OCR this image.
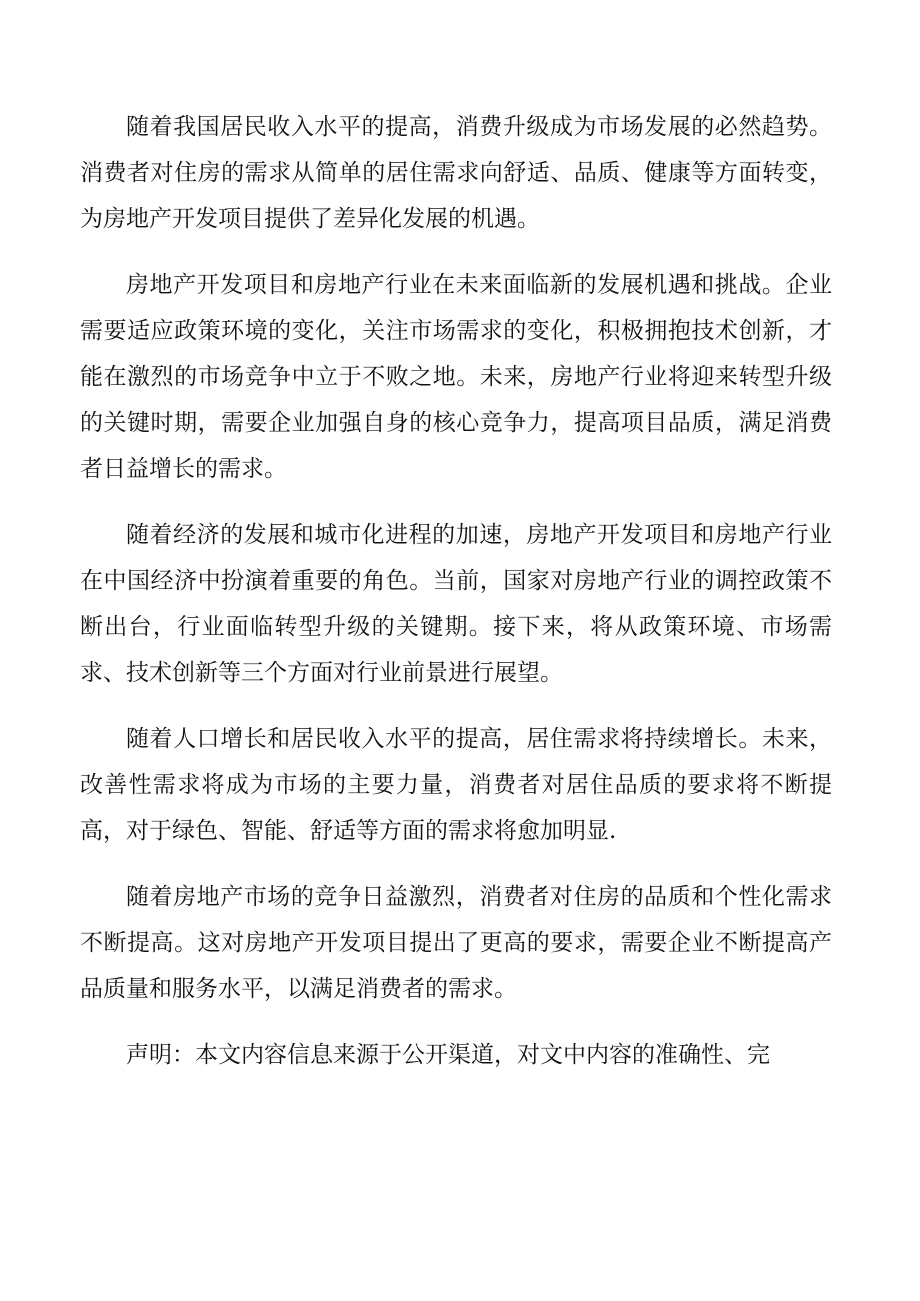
随着我国居民收入水平的提高，消费升级成为市场发展的必然趋势。消费者对住房的需求从简单的居住需求向舒适、品质、健康等方面转变，为房地产开发项目提供了差异化发展的机遇。

房地产开发项目和房地产行业在未来面临新的发展机遇和挑战。企业需要适应政策环境的变化，关注市场需求的变化，积极拥抱技术创新，才能在激烈的市场竞争中立于不败之地。未来，房地产行业将迎来转型升级的关键时期，需要企业加强自身的核心竞争力，提高项目品质，满足消费者日益增长的需求。

随着经济的发展和城市化进程的加速，房地产开发项目和房地产行业在中国经济中扮演着重要的角色。当前，国家对房地产行业的调控政策不断出台，行业面临转型升级的关键期。接下来，将从政策环境、市场需求、技术创新等三个方面对行业前景进行展望。

随着人口增长和居民收入水平的提高，居住需求将持续增长。未来，改善性需求将成为市场的主要力量，消费者对居住品质的要求将不断提高，对于绿色、智能、舒适等方面的需求将愈加明显.

随着房地产市场的竞争日益激烈，消费者对住房的品质和个性化需求不断提高。这对房地产开发项目提出了更高的要求，需要企业不断提高产品质量和服务水平，以满足消费者的需求。

声明：本文内容信息来源于公开渠道，对文中内容的准确性、完
